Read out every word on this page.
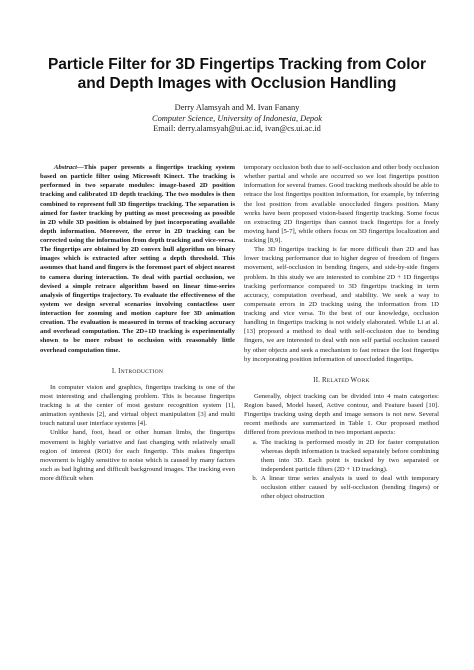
Particle Filter for 3D Fingertips Tracking from Color and Depth Images with Occlusion Handling
Derry Alamsyah and M. Ivan Fanany
Computer Science, University of Indonesia, Depok
Email: derry.alamsyah@ui.ac.id, ivan@cs.ui.ac.id

Abstract—This paper presents a fingertips tracking system based on particle filter using Microsoft Kinect. The tracking is performed in two separate modules: image-based 2D position tracking and calibrated 1D depth tracking. The two modules is then combined to represent full 3D fingertips tracking. The separation is aimed for faster tracking by putting as most processing as possible in 2D while 3D position is obtained by just incorporating available depth information. Moreover, the error in 2D tracking can be corrected using the information from depth tracking and vice-versa. The fingertips are obtained by 2D convex hull algorithm on binary images which is extracted after setting a depth threshold. This assumes that hand and fingers is the foremost part of object nearest to camera during interaction. To deal with partial occlusion, we devised a simple retrace algorithm based on linear time-series analysis of fingertips trajectory. To evaluate the effectiveness of the system we design several scenarios involving contactless user interaction for zooming and motion capture for 3D animation creation. The evaluation is measured in terms of tracking accuracy and overhead computation. The 2D+1D tracking is experimentally shown to be more robust to occlusion with reasonably little overhead computation time.

I. INTRODUCTION

In computer vision and graphics, fingertips tracking is one of the most interesting and challenging problem. This is because fingertips tracking is at the center of most gesture recognition system [1], animation synthesis [2], and virtual object manipulation [3] and multi touch natural user interface systems [4].

Unlike hand, foot, head or other human limbs, the fingertips movement is highly variative and fast changing with relatively small region of interest (ROI) for each fingertip. This makes fingertips movement is highly sensitive to noise which is caused by many factors such as bad lighting and difficult background images. The tracking even more difficult when

temporary occlusion both due to self-occlusion and other body occlusion whether partial and whole are occurred so we lost fingertips position information for several frames. Good tracking methods should be able to retrace the lost fingertips position information, for example, by inferring the lost position from available unoccluded fingers position. Many works have been proposed vision-based fingertip tracking. Some focus on extracting 2D fingertips than cannot track fingertips for a freely moving hand [5-7], while others focus on 3D fingertips localization and tracking [8,9].

The 3D fingertips tracking is far more difficult than 2D and has lower tracking performance due to higher degree of freedom of fingers movement, self-occlusion in bending fingers, and side-by-side fingers problem. In this study we are interested to combine 2D + 1D fingertips tracking performance compared to 3D fingertips tracking in term accuracy, computation overhead, and stability. We seek a way to compensate errors in 2D tracking using the information from 1D tracking and vice versa. To the best of our knowledge, occlusion handling in fingertips tracking is not widely elaborated. While Li at al. [13] proposed a method to deal with self-occlusion due to bending fingers, we are interested to deal with non self partial occlusion caused by other objects and seek a mechanism to fast retrace the lost fingertips by incorporating position information of unoccluded fingertips.

II. RELATED WORK

Generally, object tracking can be divided into 4 main categories: Region based, Model based, Active contour, and Feature based [10]. Fingertips tracking using depth and image sensors is not new. Several recent methods are summarized in Table 1. Our proposed method differed from previous method in two important aspects:

a. The tracking is performed mostly in 2D for faster computation whereas depth information is tracked separately before combining them into 3D. Each point is tracked by two separated or independent particle filters (2D + 1D tracking).
b. A linear time series analysis is used to deal with temporary occlusion either caused by self-occlusion (bending fingers) or other object obstruction
